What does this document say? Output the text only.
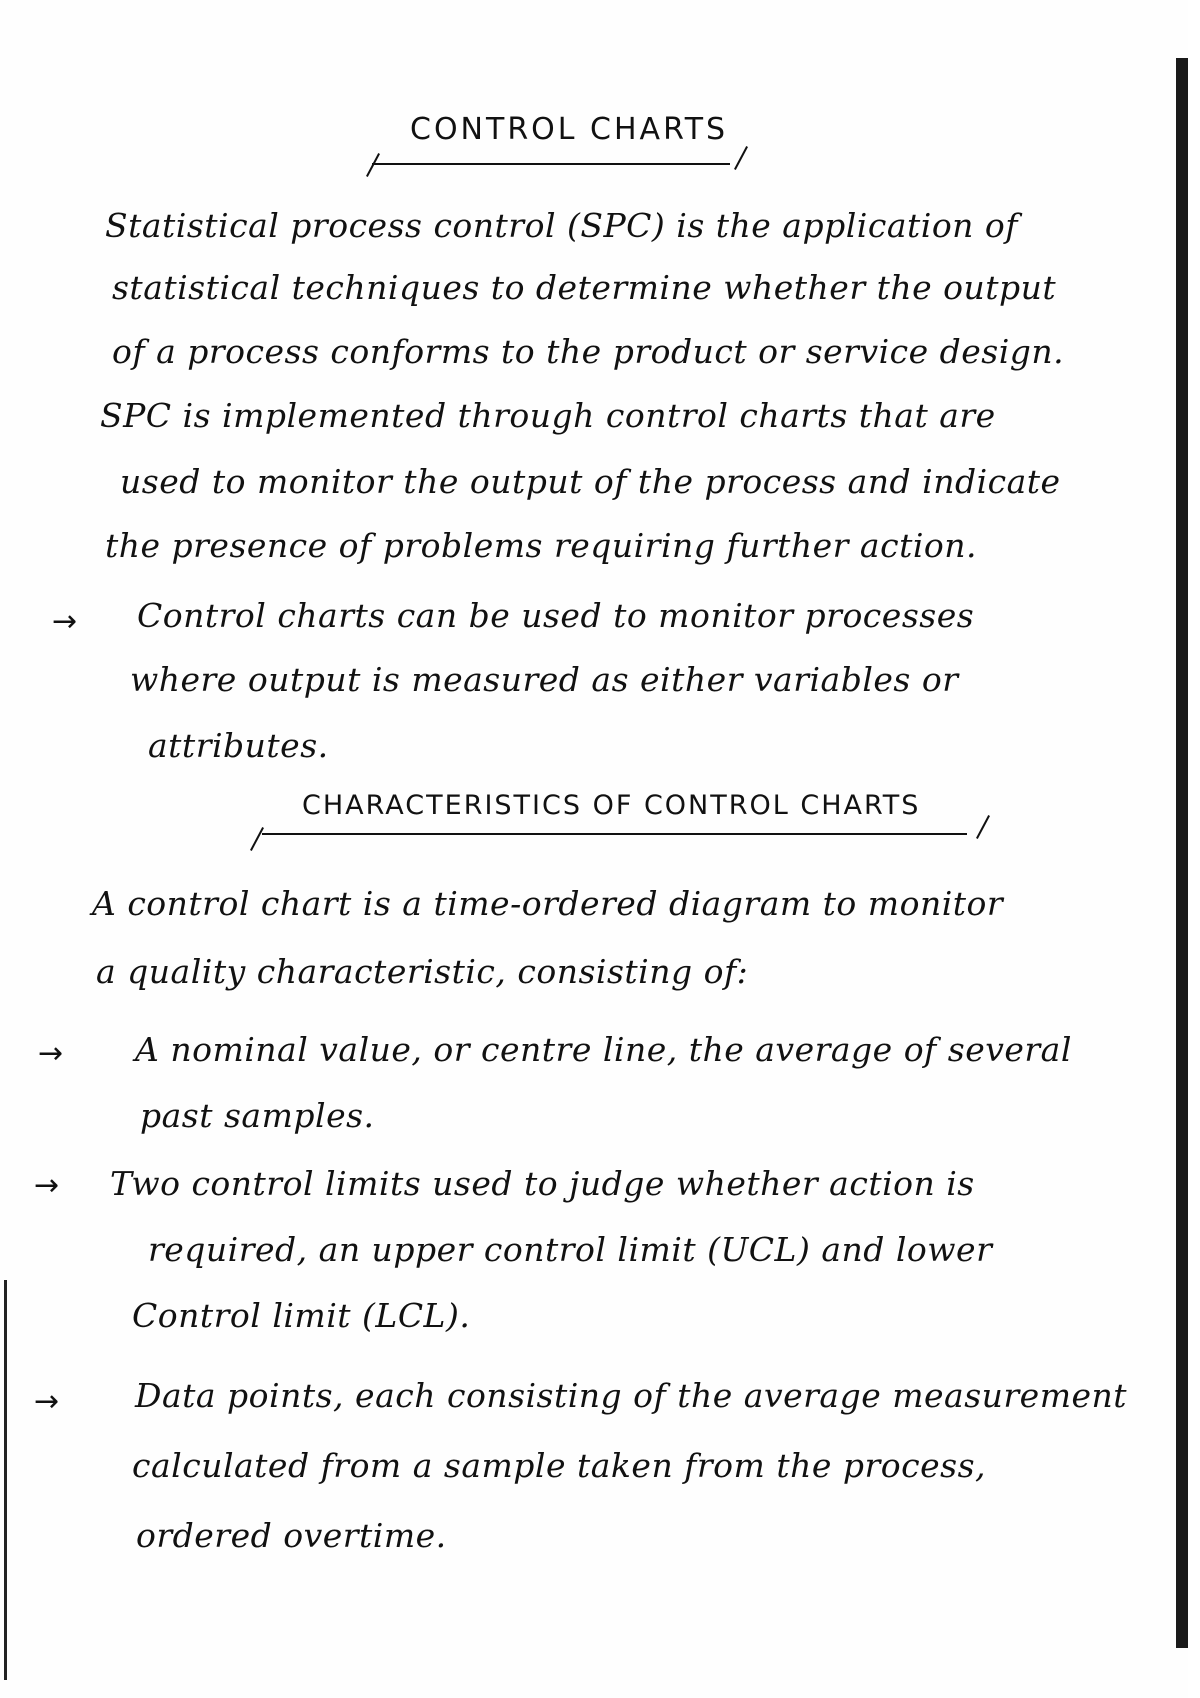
CONTROL CHARTS
Statistical process control (SPC) is the application of
statistical techniques to determine whether the output
of a process conforms to the product or service design.
SPC is implemented through control charts that are
used to monitor the output of the process and indicate
the presence of problems requiring further action.
→ Control charts can be used to monitor processes
where output is measured as either variables or
attributes.
CHARACTERISTICS OF CONTROL CHARTS
A control chart is a time-ordered diagram to monitor
a quality characteristic, consisting of:
→ A nominal value, or centre line, the average of several
past samples.
→ Two control limits used to judge whether action is
required, an upper control limit (UCL) and lower
Control limit (LCL).
→ Data points, each consisting of the average measurement
calculated from a sample taken from the process,
ordered overtime.
